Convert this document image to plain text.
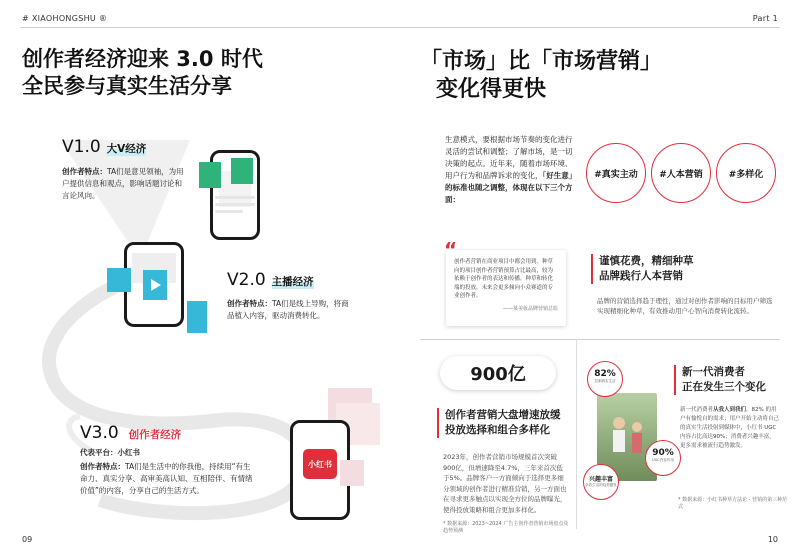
# XIAOHONGSHU ®	Part 1
创作者经济迎来 3.0 时代
全民参与真实生活分享
V1.0 大V经济
创作者特点：TA们是意见领袖，为用户提供信息和观点，影响话题讨论和言论风向。
V2.0 主播经济
创作者特点：TA们是线上导购，将商品植入内容，驱动消费转化。
V3.0 创作者经济
代表平台：小红书
创作者特点：TA们是生活中的你我他，持续用“有生命力、真实分享、高审美高认知、互相陪伴、有情绪价值”的内容，分享自己的生活方式。
小红书
09
「市场」比「市场营销」
变化得更快
生意模式，要根据市场节奏的变化进行灵活的尝试和调整；了解市场，是一切决策的起点。近年来，随着市场环境、用户行为和品牌诉求的变化，「好生意」的标准也随之调整，体现在以下三个方面：
#真实主动	#人本营销	#多样化
“
创作者营销在商业项目中都会用到。种草向的项目创作者营销预算占比最高，较为依赖于创作者的表达和传播。种草和转化端的投放，未来会更多倾向小众赛道的专业创作者。
——某美妆品牌营销总监
谨慎花费，精细种草
品牌践行人本营销
品牌的营销选择趋于理性，通过对创作者影响的目标用户筛选实现精细化种草，有效推动用户心智向消费转化流转。
900亿
创作者营销大盘增速放缓
投放选择和组合多样化
2023年，创作者营销市场规模首次突破900亿，但增速降至4.7%，三年来首次低于5%。品牌客户一方面倾向于选择更多细分领域的创作者进行精准营销，另一方面也在寻求更多触点以实现全方位的品牌曝光，使得投放策略和组合更加多样化。
* 数据来源：2023~2024 广告主创作者营销市场盘点及趋势预测
82%
拉制真实生活
90%
UGC内容作用
兴趣丰富
多彩生活的趋势激发
新一代消费者
正在发生三个变化
新一代消费者从我人到我们。82% 的用户有愉悦自的需求；用户开始主动将自己的真实生活投射到媒体中，小红书 UGC 内容占比高达90%；消费者兴趣丰富，更多需求被流行趋势激发。
* 数据来源：小红书种草方法论 - 营销的第三种范式
10
